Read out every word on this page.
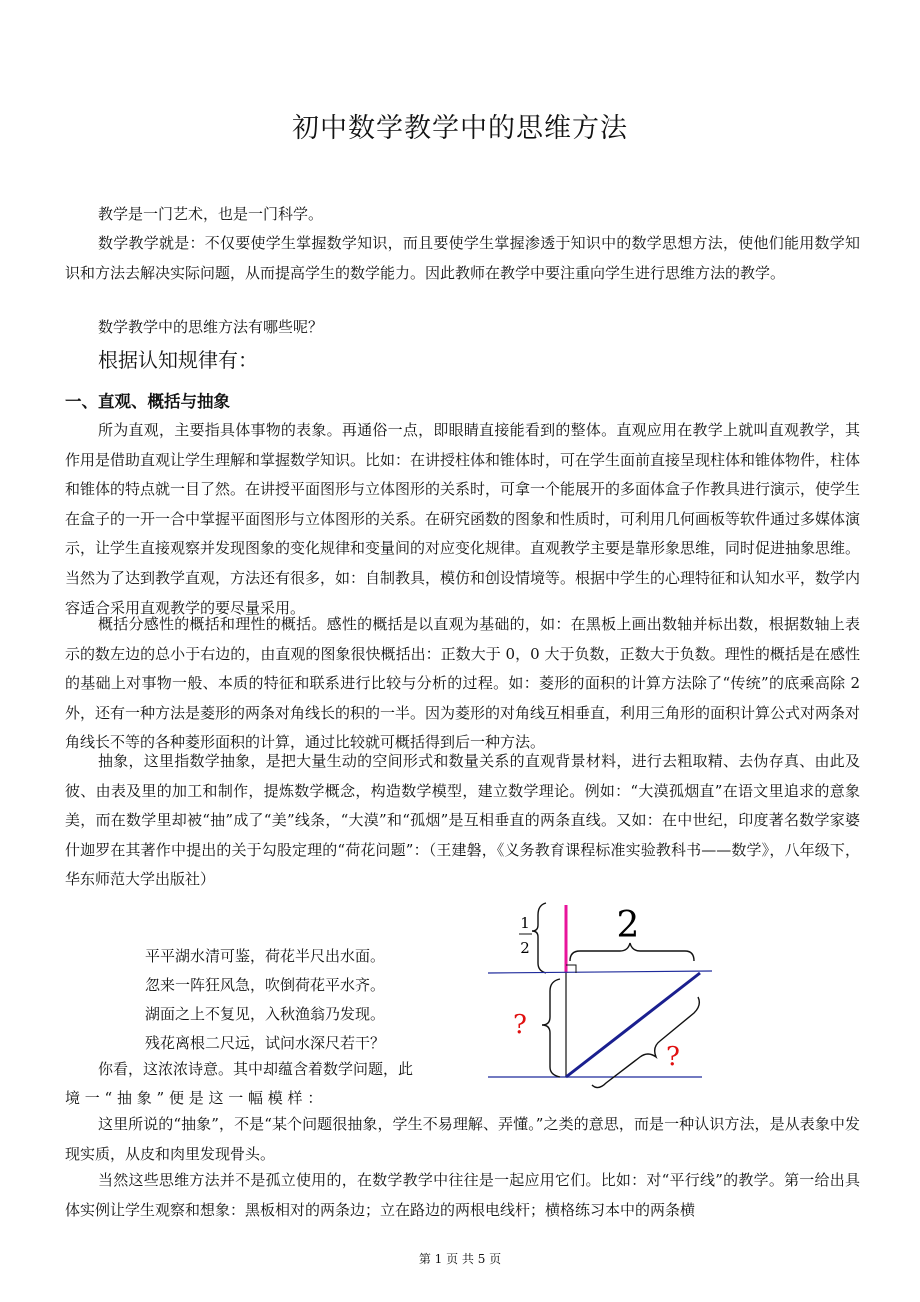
初中数学教学中的思维方法
教学是一门艺术，也是一门科学。
数学教学就是：不仅要使学生掌握数学知识，而且要使学生掌握渗透于知识中的数学思想方法，使他们能用数学知识和方法去解决实际问题，从而提高学生的数学能力。因此教师在教学中要注重向学生进行思维方法的教学。
数学教学中的思维方法有哪些呢？
根据认知规律有：
一、直观、概括与抽象
所为直观，主要指具体事物的表象。再通俗一点，即眼睛直接能看到的整体。直观应用在教学上就叫直观教学，其作用是借助直观让学生理解和掌握数学知识。比如：在讲授柱体和锥体时，可在学生面前直接呈现柱体和锥体物件，柱体和锥体的特点就一目了然。在讲授平面图形与立体图形的关系时，可拿一个能展开的多面体盒子作教具进行演示，使学生在盒子的一开一合中掌握平面图形与立体图形的关系。在研究函数的图象和性质时，可利用几何画板等软件通过多媒体演示，让学生直接观察并发现图象的变化规律和变量间的对应变化规律。直观教学主要是靠形象思维，同时促进抽象思维。当然为了达到教学直观，方法还有很多，如：自制教具，模仿和创设情境等。根据中学生的心理特征和认知水平，数学内容适合采用直观教学的要尽量采用。
概括分感性的概括和理性的概括。感性的概括是以直观为基础的，如：在黑板上画出数轴并标出数，根据数轴上表示的数左边的总小于右边的，由直观的图象很快概括出：正数大于 0，0 大于负数，正数大于负数。理性的概括是在感性的基础上对事物一般、本质的特征和联系进行比较与分析的过程。如：菱形的面积的计算方法除了“传统”的底乘高除 2 外，还有一种方法是菱形的两条对角线长的积的一半。因为菱形的对角线互相垂直，利用三角形的面积计算公式对两条对角线长不等的各种菱形面积的计算，通过比较就可概括得到后一种方法。
抽象，这里指数学抽象，是把大量生动的空间形式和数量关系的直观背景材料，进行去粗取精、去伪存真、由此及彼、由表及里的加工和制作，提炼数学概念，构造数学模型，建立数学理论。例如：“大漠孤烟直”在语文里追求的意象美，而在数学里却被“抽”成了“美”线条，“大漠”和“孤烟”是互相垂直的两条直线。又如：在中世纪，印度著名数学家婆什迦罗在其著作中提出的关于勾股定理的“荷花问题”：（王建磐，《义务教育课程标准实验教科书——数学》，八年级下，华东师范大学出版社）
平平湖水清可鉴，荷花半尺出水面。
忽来一阵狂风急，吹倒荷花平水齐。
湖面之上不复见，入秋渔翁乃发现。
残花离根二尺远，试问水深尺若干？
你看，这浓浓诗意。其中却蕴含着数学问题，此
境 一 “ 抽 象 ” 便 是 这 一 幅 模 样 ：
这里所说的“抽象”，不是“某个问题很抽象，学生不易理解、弄懂。”之类的意思，而是一种认识方法，是从表象中发现实质，从皮和肉里发现骨头。
当然这些思维方法并不是孤立使用的，在数学教学中往往是一起应用它们。比如：对“平行线”的教学。第一给出具体实例让学生观察和想象：黑板相对的两条边；立在路边的两根电线杆；横格练习本中的两条横
1
2
2
?
?
第 1 页 共 5 页
